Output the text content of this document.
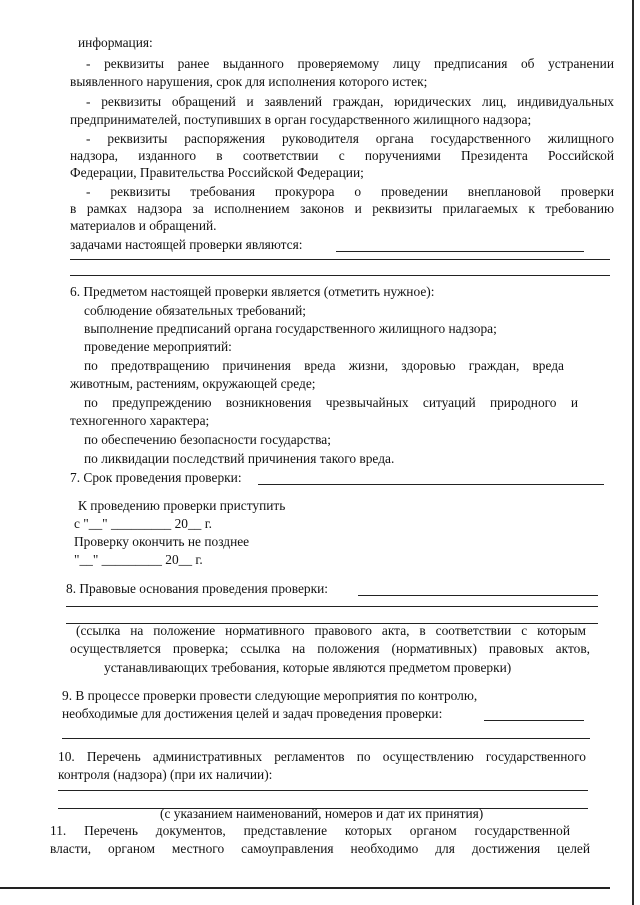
информация:
- реквизиты ранее выданного проверяемому лицу предписания об устранении
выявленного нарушения, срок для исполнения которого истек;
- реквизиты обращений и заявлений граждан, юридических лиц, индивидуальных
предпринимателей, поступивших в орган государственного жилищного надзора;
- реквизиты распоряжения руководителя органа государственного жилищного
надзора, изданного в соответствии с поручениями Президента Российской
Федерации, Правительства Российской Федерации;
- реквизиты требования прокурора о проведении внеплановой проверки
в рамках надзора за исполнением законов и реквизиты прилагаемых к требованию
материалов и обращений.
задачами настоящей проверки являются:
6. Предметом настоящей проверки является (отметить нужное):
соблюдение обязательных требований;
выполнение предписаний органа государственного жилищного надзора;
проведение мероприятий:
по предотвращению причинения вреда жизни, здоровью граждан, вреда
животным, растениям, окружающей среде;
по предупреждению возникновения чрезвычайных ситуаций природного и
техногенного характера;
по обеспечению безопасности государства;
по ликвидации последствий причинения такого вреда.
7. Срок проведения проверки:
К проведению проверки приступить
с "__" _________ 20__ г.
Проверку окончить не позднее
"__" _________ 20__ г.
8. Правовые основания проведения проверки:
(ссылка на положение нормативного правового акта, в соответствии с которым
осуществляется проверка; ссылка на положения (нормативных) правовых актов,
устанавливающих требования, которые являются предметом проверки)
9. В процессе проверки провести следующие мероприятия по контролю,
необходимые для достижения целей и задач проведения проверки:
10. Перечень административных регламентов по осуществлению государственного
контроля (надзора) (при их наличии):
(с указанием наименований, номеров и дат их принятия)
11. Перечень документов, представление которых органом государственной
власти, органом местного самоуправления необходимо для достижения целей
